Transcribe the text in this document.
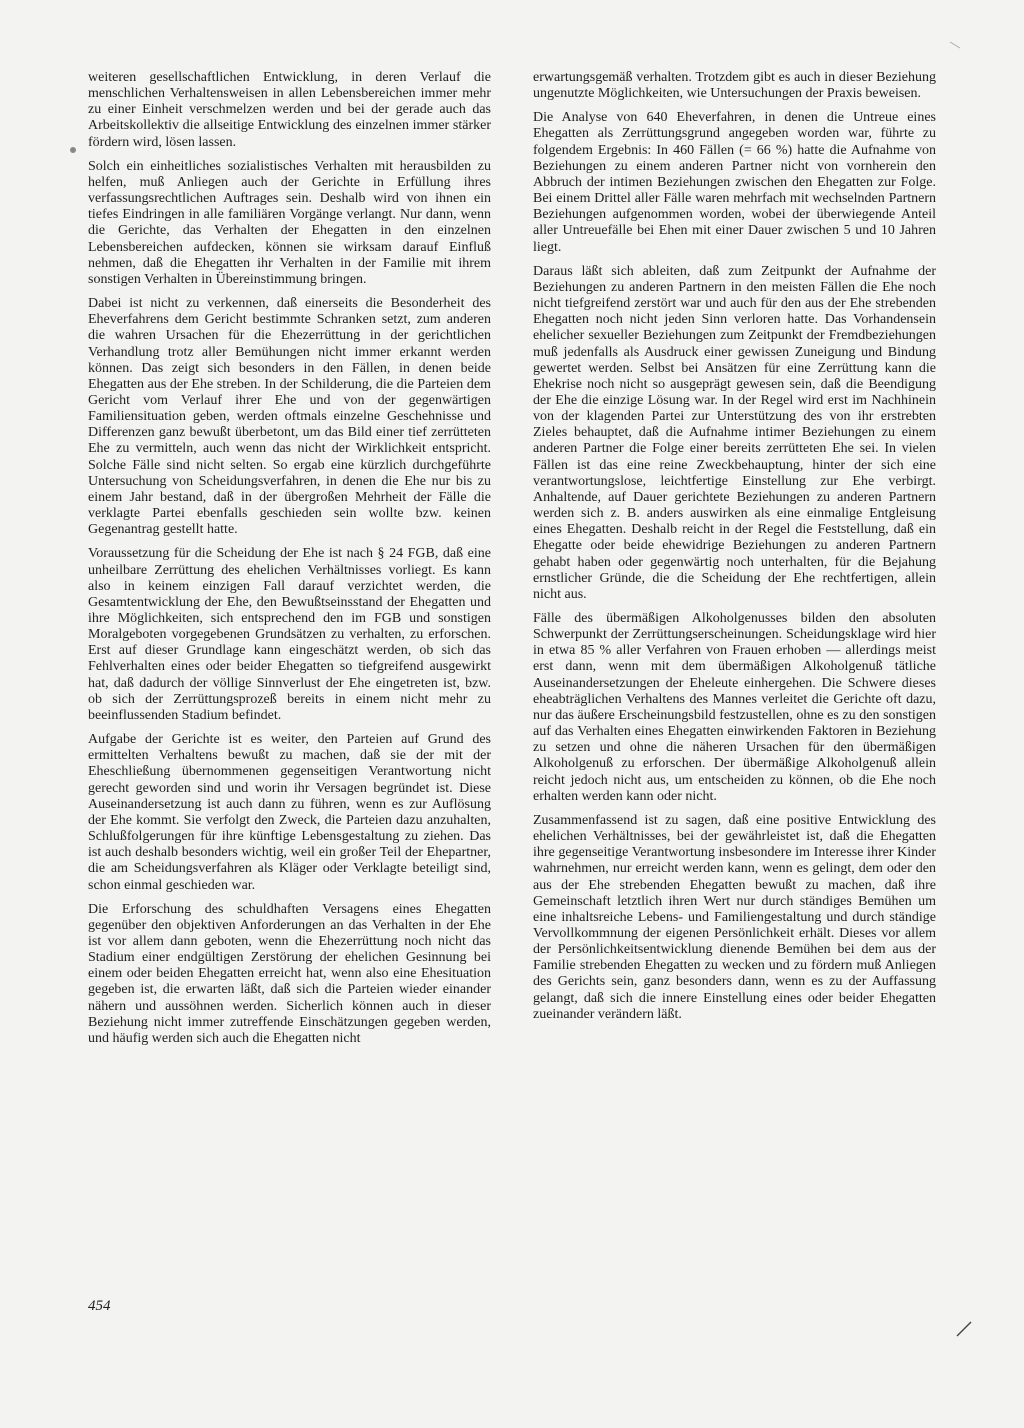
weiteren gesellschaftlichen Entwicklung, in deren Verlauf die menschlichen Verhaltensweisen in allen Lebensbereichen immer mehr zu einer Einheit verschmelzen werden und bei der gerade auch das Arbeitskollektiv die allseitige Entwicklung des einzelnen immer stärker fördern wird, lösen lassen.

Solch ein einheitliches sozialistisches Verhalten mit herausbilden zu helfen, muß Anliegen auch der Gerichte in Erfüllung ihres verfassungsrechtlichen Auftrages sein. Deshalb wird von ihnen ein tiefes Eindringen in alle familiären Vorgänge verlangt. Nur dann, wenn die Gerichte, das Verhalten der Ehegatten in den einzelnen Lebensbereichen aufdecken, können sie wirksam darauf Einfluß nehmen, daß die Ehegatten ihr Verhalten in der Familie mit ihrem sonstigen Verhalten in Übereinstimmung bringen.

Dabei ist nicht zu verkennen, daß einerseits die Besonderheit des Eheverfahrens dem Gericht bestimmte Schranken setzt, zum anderen die wahren Ursachen für die Ehezerrüttung in der gerichtlichen Verhandlung trotz aller Bemühungen nicht immer erkannt werden können. Das zeigt sich besonders in den Fällen, in denen beide Ehegatten aus der Ehe streben. In der Schilderung, die die Parteien dem Gericht vom Verlauf ihrer Ehe und von der gegenwärtigen Familiensituation geben, werden oftmals einzelne Geschehnisse und Differenzen ganz bewußt überbetont, um das Bild einer tief zerrütteten Ehe zu vermitteln, auch wenn das nicht der Wirklichkeit entspricht. Solche Fälle sind nicht selten. So ergab eine kürzlich durchgeführte Untersuchung von Scheidungsverfahren, in denen die Ehe nur bis zu einem Jahr bestand, daß in der übergroßen Mehrheit der Fälle die verklagte Partei ebenfalls geschieden sein wollte bzw. keinen Gegenantrag gestellt hatte.

Voraussetzung für die Scheidung der Ehe ist nach § 24 FGB, daß eine unheilbare Zerrüttung des ehelichen Verhältnisses vorliegt. Es kann also in keinem einzigen Fall darauf verzichtet werden, die Gesamtentwicklung der Ehe, den Bewußtseinsstand der Ehegatten und ihre Möglichkeiten, sich entsprechend den im FGB und sonstigen Moralgeboten vorgegebenen Grundsätzen zu verhalten, zu erforschen. Erst auf dieser Grundlage kann eingeschätzt werden, ob sich das Fehlverhalten eines oder beider Ehegatten so tiefgreifend ausgewirkt hat, daß dadurch der völlige Sinnverlust der Ehe eingetreten ist, bzw. ob sich der Zerrüttungsprozeß bereits in einem nicht mehr zu beeinflussenden Stadium befindet.

Aufgabe der Gerichte ist es weiter, den Parteien auf Grund des ermittelten Verhaltens bewußt zu machen, daß sie der mit der Eheschließung übernommenen gegenseitigen Verantwortung nicht gerecht geworden sind und worin ihr Versagen begründet ist. Diese Auseinandersetzung ist auch dann zu führen, wenn es zur Auflösung der Ehe kommt. Sie verfolgt den Zweck, die Parteien dazu anzuhalten, Schlußfolgerungen für ihre künftige Lebensgestaltung zu ziehen. Das ist auch deshalb besonders wichtig, weil ein großer Teil der Ehepartner, die am Scheidungsverfahren als Kläger oder Verklagte beteiligt sind, schon einmal geschieden war.

Die Erforschung des schuldhaften Versagens eines Ehegatten gegenüber den objektiven Anforderungen an das Verhalten in der Ehe ist vor allem dann geboten, wenn die Ehezerrüttung noch nicht das Stadium einer endgültigen Zerstörung der ehelichen Gesinnung bei einem oder beiden Ehegatten erreicht hat, wenn also eine Ehesituation gegeben ist, die erwarten läßt, daß sich die Parteien wieder einander nähern und aussöhnen werden. Sicherlich können auch in dieser Beziehung nicht immer zutreffende Einschätzungen gegeben werden, und häufig werden sich auch die Ehegatten nicht

erwartungsgemäß verhalten. Trotzdem gibt es auch in dieser Beziehung ungenutzte Möglichkeiten, wie Untersuchungen der Praxis beweisen.

Die Analyse von 640 Eheverfahren, in denen die Untreue eines Ehegatten als Zerrüttungsgrund angegeben worden war, führte zu folgendem Ergebnis: In 460 Fällen (= 66 %) hatte die Aufnahme von Beziehungen zu einem anderen Partner nicht von vornherein den Abbruch der intimen Beziehungen zwischen den Ehegatten zur Folge. Bei einem Drittel aller Fälle waren mehrfach mit wechselnden Partnern Beziehungen aufgenommen worden, wobei der überwiegende Anteil aller Untreuefälle bei Ehen mit einer Dauer zwischen 5 und 10 Jahren liegt.

Daraus läßt sich ableiten, daß zum Zeitpunkt der Aufnahme der Beziehungen zu anderen Partnern in den meisten Fällen die Ehe noch nicht tiefgreifend zerstört war und auch für den aus der Ehe strebenden Ehegatten noch nicht jeden Sinn verloren hatte. Das Vorhandensein ehelicher sexueller Beziehungen zum Zeitpunkt der Fremdbeziehungen muß jedenfalls als Ausdruck einer gewissen Zuneigung und Bindung gewertet werden. Selbst bei Ansätzen für eine Zerrüttung kann die Ehekrise noch nicht so ausgeprägt gewesen sein, daß die Beendigung der Ehe die einzige Lösung war. In der Regel wird erst im Nachhinein von der klagenden Partei zur Unterstützung des von ihr erstrebten Zieles behauptet, daß die Aufnahme intimer Beziehungen zu einem anderen Partner die Folge einer bereits zerrütteten Ehe sei. In vielen Fällen ist das eine reine Zweckbehauptung, hinter der sich eine verantwortungslose, leichtfertige Einstellung zur Ehe verbirgt. Anhaltende, auf Dauer gerichtete Beziehungen zu anderen Partnern werden sich z. B. anders auswirken als eine einmalige Entgleisung eines Ehegatten. Deshalb reicht in der Regel die Feststellung, daß ein Ehegatte oder beide ehewidrige Beziehungen zu anderen Partnern gehabt haben oder gegenwärtig noch unterhalten, für die Bejahung ernstlicher Gründe, die die Scheidung der Ehe rechtfertigen, allein nicht aus.

Fälle des übermäßigen Alkoholgenusses bilden den absoluten Schwerpunkt der Zerrüttungserscheinungen. Scheidungsklage wird hier in etwa 85 % aller Verfahren von Frauen erhoben — allerdings meist erst dann, wenn mit dem übermäßigen Alkoholgenuß tätliche Auseinandersetzungen der Eheleute einhergehen. Die Schwere dieses eheabträglichen Verhaltens des Mannes verleitet die Gerichte oft dazu, nur das äußere Erscheinungsbild festzustellen, ohne es zu den sonstigen auf das Verhalten eines Ehegatten einwirkenden Faktoren in Beziehung zu setzen und ohne die näheren Ursachen für den übermäßigen Alkoholgenuß zu erforschen. Der übermäßige Alkoholgenuß allein reicht jedoch nicht aus, um entscheiden zu können, ob die Ehe noch erhalten werden kann oder nicht.

Zusammenfassend ist zu sagen, daß eine positive Entwicklung des ehelichen Verhältnisses, bei der gewährleistet ist, daß die Ehegatten ihre gegenseitige Verantwortung insbesondere im Interesse ihrer Kinder wahrnehmen, nur erreicht werden kann, wenn es gelingt, dem oder den aus der Ehe strebenden Ehegatten bewußt zu machen, daß ihre Gemeinschaft letztlich ihren Wert nur durch ständiges Bemühen um eine inhaltsreiche Lebens- und Familiengestaltung und durch ständige Vervollkommnung der eigenen Persönlichkeit erhält. Dieses vor allem der Persönlichkeitsentwicklung dienende Bemühen bei dem aus der Familie strebenden Ehegatten zu wecken und zu fördern muß Anliegen des Gerichts sein, ganz besonders dann, wenn es zu der Auffassung gelangt, daß sich die innere Einstellung eines oder beider Ehegatten zueinander verändern läßt.

454
